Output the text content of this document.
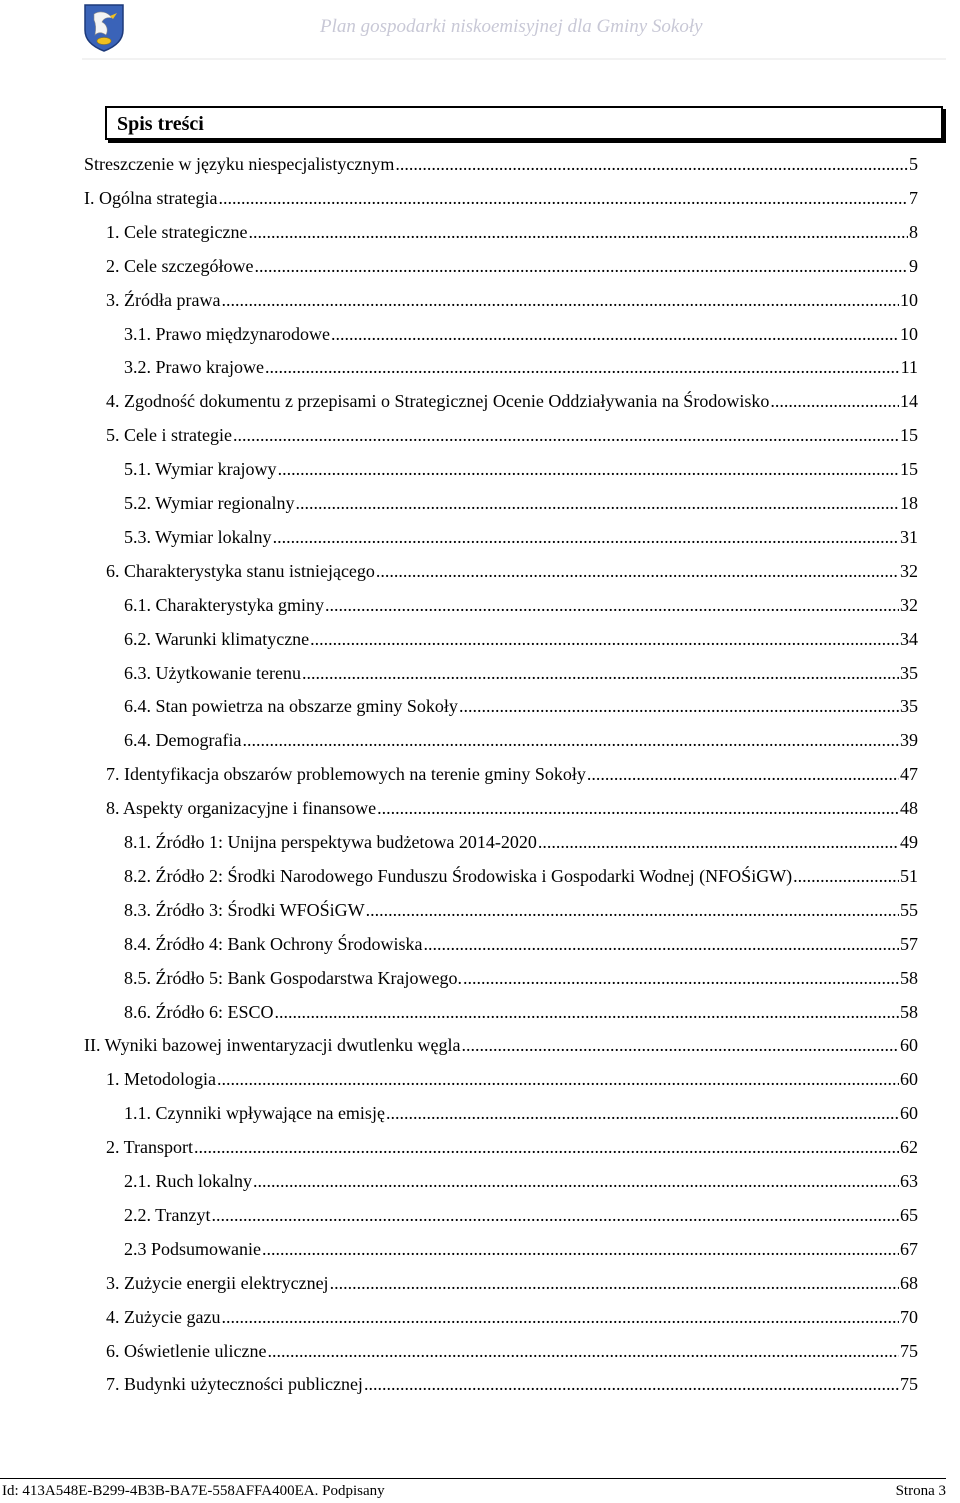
Plan gospodarki niskoemisyjnej dla Gminy Sokoły
Spis treści
Streszczenie w języku niespecjalistycznym .....	5
I. Ogólna strategia .....	7
1. Cele strategiczne .....	8
2. Cele szczegółowe .....	9
3. Źródła prawa .....	10
3.1. Prawo międzynarodowe .....	10
3.2. Prawo krajowe .....	11
4. Zgodność dokumentu z przepisami o Strategicznej Ocenie Oddziaływania na Środowisko .....	14
5. Cele i strategie .....	15
5.1. Wymiar krajowy .....	15
5.2. Wymiar regionalny .....	18
5.3. Wymiar lokalny .....	31
6. Charakterystyka stanu istniejącego .....	32
6.1. Charakterystyka gminy .....	32
6.2. Warunki klimatyczne .....	34
6.3. Użytkowanie terenu .....	35
6.4. Stan powietrza na obszarze gminy Sokoły .....	35
6.4. Demografia .....	39
7. Identyfikacja obszarów problemowych na terenie gminy Sokoły .....	47
8. Aspekty organizacyjne i finansowe .....	48
8.1. Źródło 1: Unijna perspektywa budżetowa 2014-2020 .....	49
8.2. Źródło 2: Środki Narodowego Funduszu Środowiska i Gospodarki Wodnej (NFOŚiGW) .....	51
8.3. Źródło 3: Środki WFOŚiGW .....	55
8.4. Źródło 4: Bank Ochrony Środowiska .....	57
8.5. Źródło 5: Bank Gospodarstwa Krajowego. .....	58
8.6. Źródło 6: ESCO .....	58
II. Wyniki bazowej inwentaryzacji dwutlenku węgla .....	60
1. Metodologia .....	60
1.1. Czynniki wpływające na emisję .....	60
2. Transport .....	62
2.1. Ruch lokalny .....	63
2.2. Tranzyt .....	65
2.3 Podsumowanie .....	67
3. Zużycie energii elektrycznej .....	68
4. Zużycie gazu .....	70
6. Oświetlenie uliczne .....	75
7. Budynki użyteczności publicznej .....	75
Id: 413A548E-B299-4B3B-BA7E-558AFFA400EA. Podpisany	Strona 3
